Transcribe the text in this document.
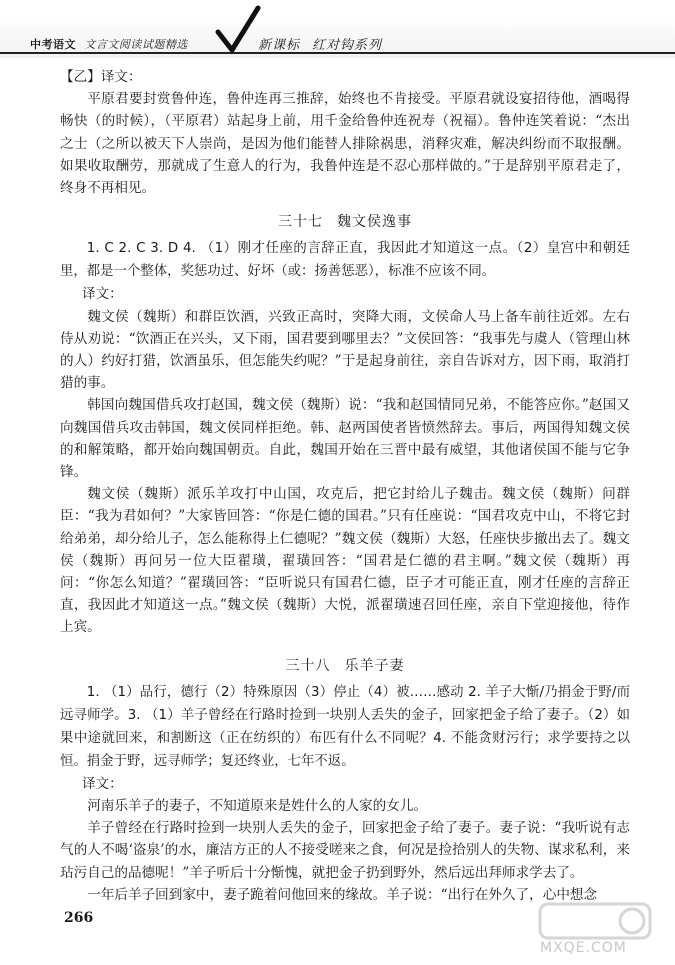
中考语文 文言文阅读试题精选	新课标 红对钩系列

【乙】译文：

平原君要封赏鲁仲连，鲁仲连再三推辞，始终也不肯接受。平原君就设宴招待他，酒喝得畅快（的时候），（平原君）站起身上前，用千金给鲁仲连祝寿（祝福）。鲁仲连笑着说：“杰出之士（之所以被天下人崇尚，是因为他们能替人排除祸患，消释灾难，解决纠纷而不取报酬。如果收取酬劳，那就成了生意人的行为，我鲁仲连是不忍心那样做的。”于是辞别平原君走了，终身不再相见。

三十七 魏文侯逸事

1. C 2. C 3. D 4. （1）刚才任座的言辞正直，我因此才知道这一点。（2）皇宫中和朝廷里，都是一个整体，奖惩功过、好坏（或：扬善惩恶），标准不应该不同。

译文：

魏文侯（魏斯）和群臣饮酒，兴致正高时，突降大雨，文侯命人马上备车前往近郊。左右侍从劝说：“饮酒正在兴头，又下雨，国君要到哪里去？”文侯回答：“我事先与虞人（管理山林的人）约好打猎，饮酒虽乐，但怎能失约呢？”于是起身前往，亲自告诉对方，因下雨，取消打猎的事。

韩国向魏国借兵攻打赵国，魏文侯（魏斯）说：“我和赵国情同兄弟，不能答应你。”赵国又向魏国借兵攻击韩国，魏文侯同样拒绝。韩、赵两国使者皆愤然辞去。事后，两国得知魏文侯的和解策略，都开始向魏国朝贡。自此，魏国开始在三晋中最有威望，其他诸侯国不能与它争锋。

魏文侯（魏斯）派乐羊攻打中山国，攻克后，把它封给儿子魏击。魏文侯（魏斯）问群臣：“我为君如何？”大家皆回答：“你是仁德的国君。”只有任座说：“国君攻克中山，不将它封给弟弟，却分给儿子，怎么能称得上仁德呢？”魏文侯（魏斯）大怒，任座快步撤出去了。魏文侯（魏斯）再问另一位大臣翟璜，翟璜回答：“国君是仁德的君主啊。”魏文侯（魏斯）再问：“你怎么知道？”翟璜回答：“臣听说只有国君仁德，臣子才可能正直，刚才任座的言辞正直，我因此才知道这一点。”魏文侯（魏斯）大悦，派翟璜速召回任座，亲自下堂迎接他，待作上宾。

三十八 乐羊子妻

1. （1）品行，德行（2）特殊原因（3）停止（4）被……感动 2. 羊子大惭/乃捐金于野/而远寻师学。3. （1）羊子曾经在行路时捡到一块别人丢失的金子，回家把金子给了妻子。（2）如果中途就回来，和割断这（正在纺织的）布匹有什么不同呢？4. 不能贪财污行；求学要持之以恒。捐金于野，远寻师学；复还终业，七年不返。

译文：

河南乐羊子的妻子，不知道原来是姓什么的人家的女儿。

羊子曾经在行路时捡到一块别人丢失的金子，回家把金子给了妻子。妻子说：“我听说有志气的人不喝‘盗泉’的水，廉洁方正的人不接受嗟来之食，何况是捡拾别人的失物、谋求私利，来玷污自己的品德呢！”羊子听后十分惭愧，就把金子扔到野外，然后远出拜师求学去了。

一年后羊子回到家中，妻子跪着问他回来的缘故。羊子说：“出行在外久了，心中想念

266
MXQE.COM
